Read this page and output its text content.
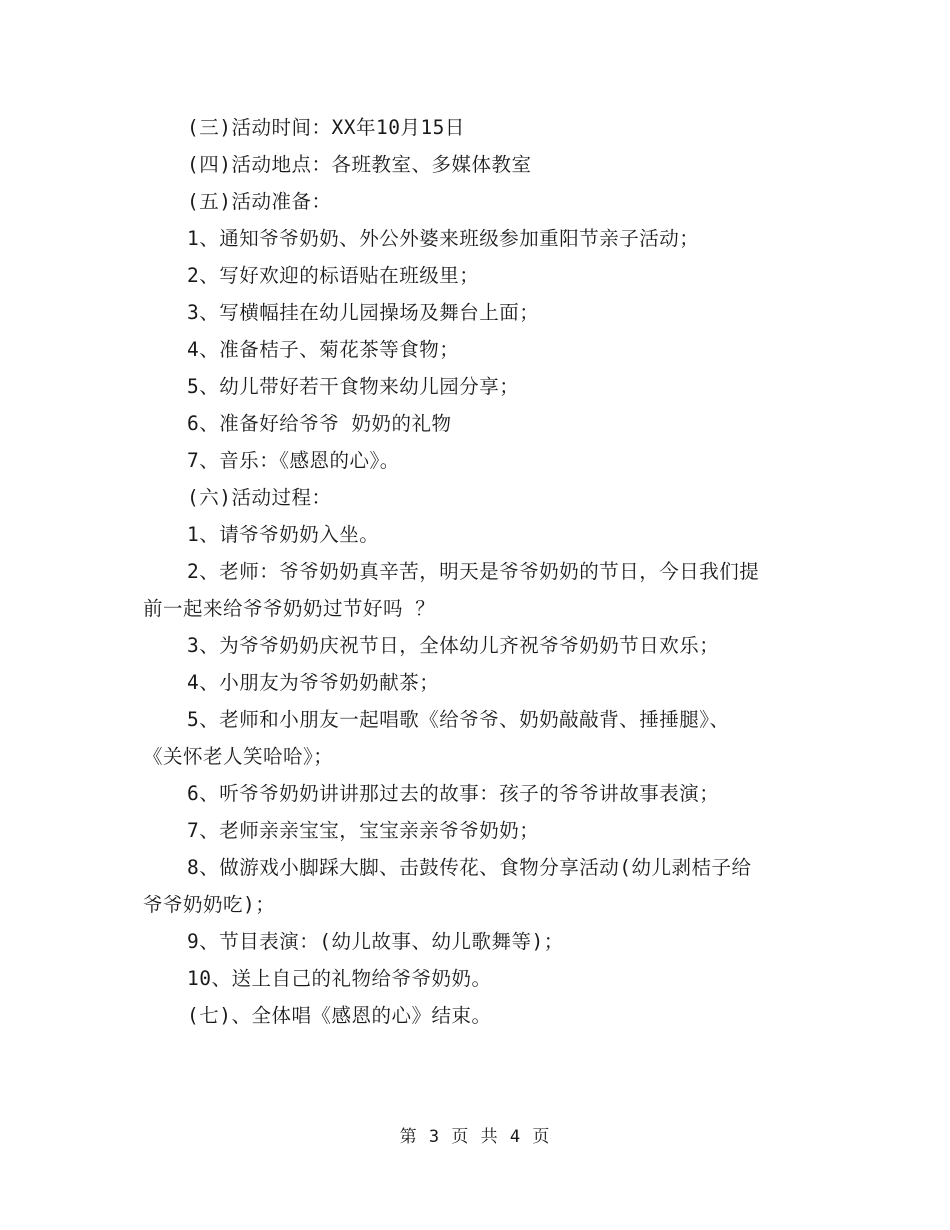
(三)活动时间：XX年10月15日
(四)活动地点：各班教室、多媒体教室
(五)活动准备：
1、通知爷爷奶奶、外公外婆来班级参加重阳节亲子活动；
2、写好欢迎的标语贴在班级里；
3、写横幅挂在幼儿园操场及舞台上面；
4、准备桔子、菊花茶等食物；
5、幼儿带好若干食物来幼儿园分享；
6、准备好给爷爷 奶奶的礼物
7、音乐：《感恩的心》。
(六)活动过程：
1、请爷爷奶奶入坐。
2、老师：爷爷奶奶真辛苦，明天是爷爷奶奶的节日，今日我们提
前一起来给爷爷奶奶过节好吗 ？
3、为爷爷奶奶庆祝节日，全体幼儿齐祝爷爷奶奶节日欢乐；
4、小朋友为爷爷奶奶献茶；
5、老师和小朋友一起唱歌《给爷爷、奶奶敲敲背、捶捶腿》、
《关怀老人笑哈哈》；
6、听爷爷奶奶讲讲那过去的故事：孩子的爷爷讲故事表演；
7、老师亲亲宝宝，宝宝亲亲爷爷奶奶；
8、做游戏小脚踩大脚、击鼓传花、食物分享活动(幼儿剥桔子给
爷爷奶奶吃)；
9、节目表演：(幼儿故事、幼儿歌舞等)；
10、送上自己的礼物给爷爷奶奶。
(七)、全体唱《感恩的心》结束。
第 3 页 共 4 页
